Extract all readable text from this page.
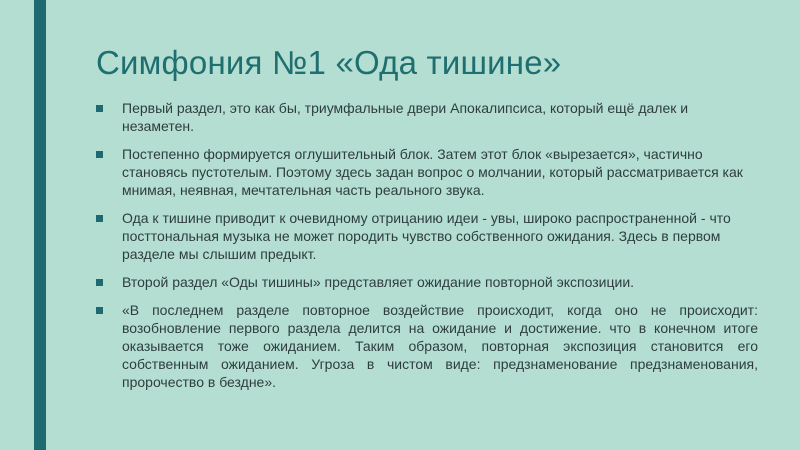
Симфония №1 «Ода тишине»
Первый раздел, это как бы, триумфальные двери Апокалипсиса, который ещё далек и незаметен.
Постепенно формируется оглушительный блок. Затем этот блок «вырезается», частично становясь пустотелым. Поэтому здесь задан вопрос о молчании, который рассматривается как мнимая, неявная, мечтательная часть реального звука.
Ода к тишине приводит к очевидному отрицанию идеи - увы, широко распространенной - что посттональная музыка не может породить чувство собственного ожидания. Здесь в первом разделе мы слышим предыкт.
Второй раздел «Оды тишины» представляет ожидание повторной экспозиции.
«В последнем разделе повторное воздействие происходит, когда оно не происходит: возобновление первого раздела делится на ожидание и достижение. что в конечном итоге оказывается тоже ожиданием. Таким образом, повторная экспозиция становится его собственным ожиданием. Угроза в чистом виде: предзнаменование предзнаменования, пророчество в бездне».
